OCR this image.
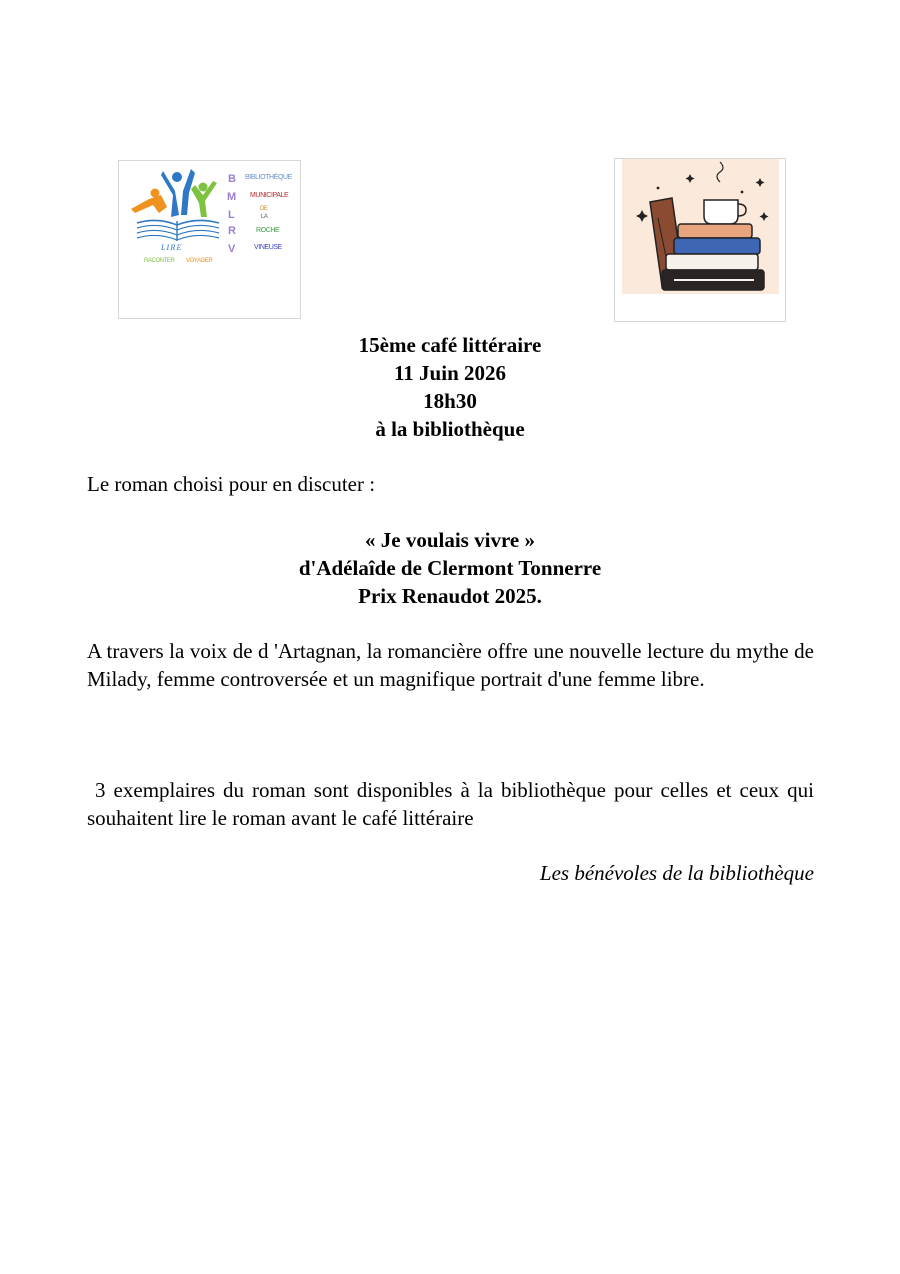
L I R E
RACONTER VOYAGER
B
M
L
R
V
BIBLIOTHÈQUE
MUNICIPALE
DE
LA
ROCHE
VINEUSE
15ème café littéraire
11 Juin 2026
18h30
à la bibliothèque
Le roman choisi pour en discuter :
« Je voulais vivre »
d'Adélaîde de Clermont Tonnerre
Prix Renaudot 2025.
A travers la voix de d 'Artagnan, la romancière offre une nouvelle lecture du mythe de Milady, femme controversée et un magnifique portrait d'une femme libre.
3 exemplaires du roman sont disponibles à la bibliothèque pour celles et ceux qui souhaitent lire le roman avant le café littéraire
Les bénévoles de la bibliothèque
